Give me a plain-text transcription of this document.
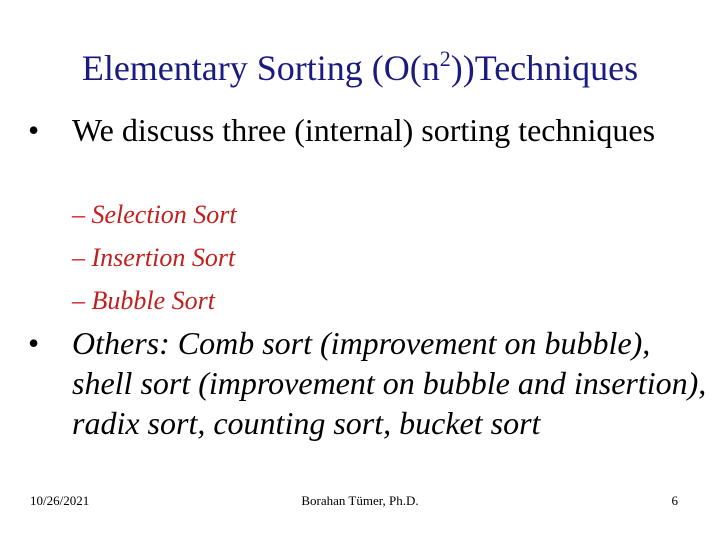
Elementary Sorting $(O(n^2))Techniques$
• We discuss three (internal) sorting techniques
– Selection Sort
– Insertion Sort
– Bubble Sort
• Others: Comb sort (improvement on bubble), shell sort (improvement on bubble and insertion), radix sort, counting sort, bucket sort
10/26/2021	Borahan Tümer, Ph.D.	6
